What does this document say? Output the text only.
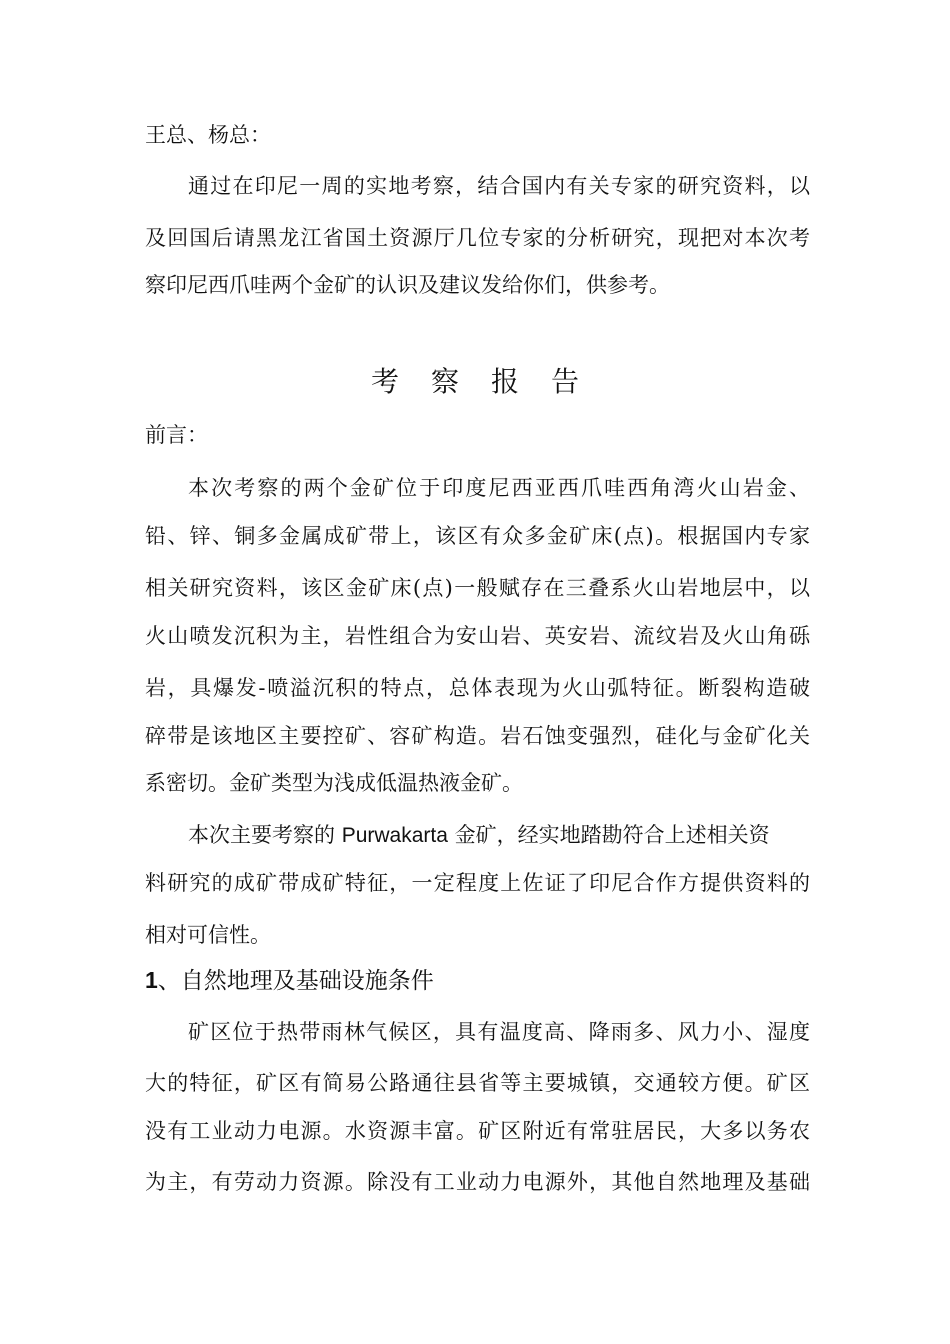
王总、杨总：
通过在印尼一周的实地考察，结合国内有关专家的研究资料，以
及回国后请黑龙江省国土资源厅几位专家的分析研究，现把对本次考
察印尼西爪哇两个金矿的认识及建议发给你们，供参考。
考察报告
前言：
本次考察的两个金矿位于印度尼西亚西爪哇西角湾火山岩金、
铅、锌、铜多金属成矿带上，该区有众多金矿床(点)。根据国内专家
相关研究资料，该区金矿床(点)一般赋存在三叠系火山岩地层中，以
火山喷发沉积为主，岩性组合为安山岩、英安岩、流纹岩及火山角砾
岩，具爆发-喷溢沉积的特点，总体表现为火山弧特征。断裂构造破
碎带是该地区主要控矿、容矿构造。岩石蚀变强烈，硅化与金矿化关
系密切。金矿类型为浅成低温热液金矿。
本次主要考察的 Purwakarta 金矿，经实地踏勘符合上述相关资
料研究的成矿带成矿特征，一定程度上佐证了印尼合作方提供资料的
相对可信性。
1、自然地理及基础设施条件
矿区位于热带雨林气候区，具有温度高、降雨多、风力小、湿度
大的特征，矿区有简易公路通往县省等主要城镇，交通较方便。矿区
没有工业动力电源。水资源丰富。矿区附近有常驻居民，大多以务农
为主，有劳动力资源。除没有工业动力电源外，其他自然地理及基础
